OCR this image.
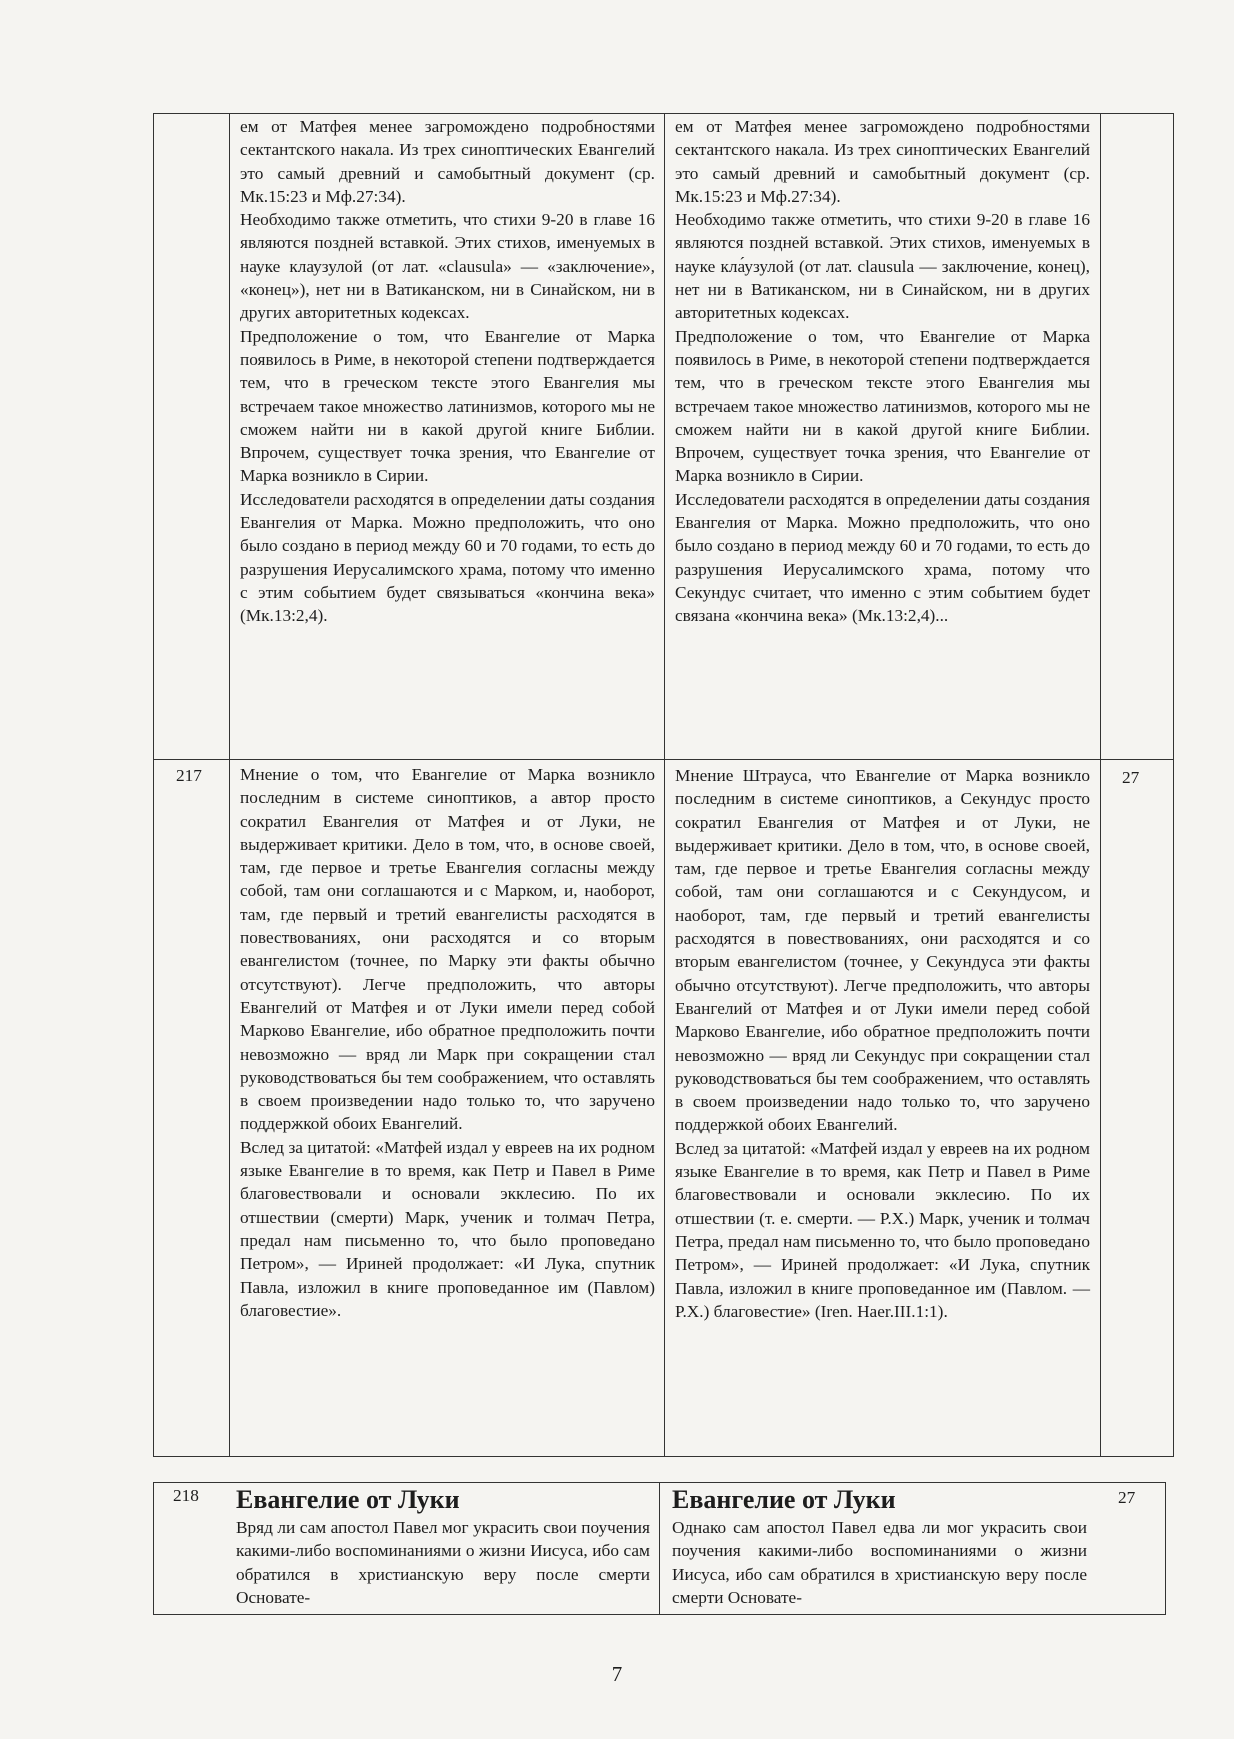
ем от Матфея менее загромождено подробностями сектантского накала. Из трех синоптических Евангелий это самый древний и самобытный документ (ср. Мк.15:23 и Мф.27:34).

Необходимо также отметить, что стихи 9-20 в главе 16 являются поздней вставкой. Этих стихов, именуемых в науке клаузулой (от лат. «clausula» — «заключение», «конец»), нет ни в Ватиканском, ни в Синайском, ни в других авторитетных кодексах.

Предположение о том, что Евангелие от Марка появилось в Риме, в некоторой степени подтверждается тем, что в греческом тексте этого Евангелия мы встречаем такое множество латинизмов, которого мы не сможем найти ни в какой другой книге Библии. Впрочем, существует точка зрения, что Евангелие от Марка возникло в Сирии.

Исследователи расходятся в определении даты создания Евангелия от Марка. Можно предположить, что оно было создано в период между 60 и 70 годами, то есть до разрушения Иерусалимского храма, потому что именно с этим событием будет связываться «кончина века» (Мк.13:2,4).

ем от Матфея менее загромождено подробностями сектантского накала. Из трех синоптических Евангелий это самый древний и самобытный документ (ср. Мк.15:23 и Мф.27:34).

Необходимо также отметить, что стихи 9-20 в главе 16 являются поздней вставкой. Этих стихов, именуемых в науке кла́узулой (от лат. clausula — заключение, конец), нет ни в Ватиканском, ни в Синайском, ни в других авторитетных кодексах.

Предположение о том, что Евангелие от Марка появилось в Риме, в некоторой степени подтверждается тем, что в греческом тексте этого Евангелия мы встречаем такое множество латинизмов, которого мы не сможем найти ни в какой другой книге Библии. Впрочем, существует точка зрения, что Евангелие от Марка возникло в Сирии.

Исследователи расходятся в определении даты создания Евангелия от Марка. Можно предположить, что оно было создано в период между 60 и 70 годами, то есть до разрушения Иерусалимского храма, потому что Секундус считает, что именно с этим событием будет связана «кончина века» (Мк.13:2,4)...

217	27

Мнение о том, что Евангелие от Марка возникло последним в системе синоптиков, а автор просто сократил Евангелия от Матфея и от Луки, не выдерживает критики. Дело в том, что, в основе своей, там, где первое и третье Евангелия согласны между собой, там они соглашаются и с Марком, и, наоборот, там, где первый и третий евангелисты расходятся в повествованиях, они расходятся и со вторым евангелистом (точнее, по Марку эти факты обычно отсутствуют). Легче предположить, что авторы Евангелий от Матфея и от Луки имели перед собой Марково Евангелие, ибо обратное предположить почти невозможно — вряд ли Марк при сокращении стал руководствоваться бы тем соображением, что оставлять в своем произведении надо только то, что заручено поддержкой обоих Евангелий.

Вслед за цитатой: «Матфей издал у евреев на их родном языке Евангелие в то время, как Петр и Павел в Риме благовествовали и основали экклесию. По их отшествии (смерти) Марк, ученик и толмач Петра, предал нам письменно то, что было проповедано Петром», — Ириней продолжает: «И Лука, спутник Павла, изложил в книге проповеданное им (Павлом) благовестие».

Мнение Штрауса, что Евангелие от Марка возникло последним в системе синоптиков, а Секундус просто сократил Евангелия от Матфея и от Луки, не выдерживает критики. Дело в том, что, в основе своей, там, где первое и третье Евангелия согласны между собой, там они соглашаются и с Секундусом, и наоборот, там, где первый и третий евангелисты расходятся в повествованиях, они расходятся и со вторым евангелистом (точнее, у Секундуса эти факты обычно отсутствуют). Легче предположить, что авторы Евангелий от Матфея и от Луки имели перед собой Марково Евангелие, ибо обратное предположить почти невозможно — вряд ли Секундус при сокращении стал руководствоваться бы тем соображением, что оставлять в своем произведении надо только то, что заручено поддержкой обоих Евангелий.

Вслед за цитатой: «Матфей издал у евреев на их родном языке Евангелие в то время, как Петр и Павел в Риме благовествовали и основали экклесию. По их отшествии (т. е. смерти. — Р.Х.) Марк, ученик и толмач Петра, предал нам письменно то, что было проповедано Петром», — Ириней продолжает: «И Лука, спутник Павла, изложил в книге проповеданное им (Павлом. — Р.Х.) благовестие» (Iren. Haer.III.1:1).

218	27

Евангелие от Луки

Вряд ли сам апостол Павел мог украсить свои поучения какими-либо воспоминаниями о жизни Иисуса, ибо сам обратился в христианскую веру после смерти Основате-

Евангелие от Луки

Однако сам апостол Павел едва ли мог украсить свои поучения какими-либо воспоминаниями о жизни Иисуса, ибо сам обратился в христианскую веру после смерти Основате-

7
